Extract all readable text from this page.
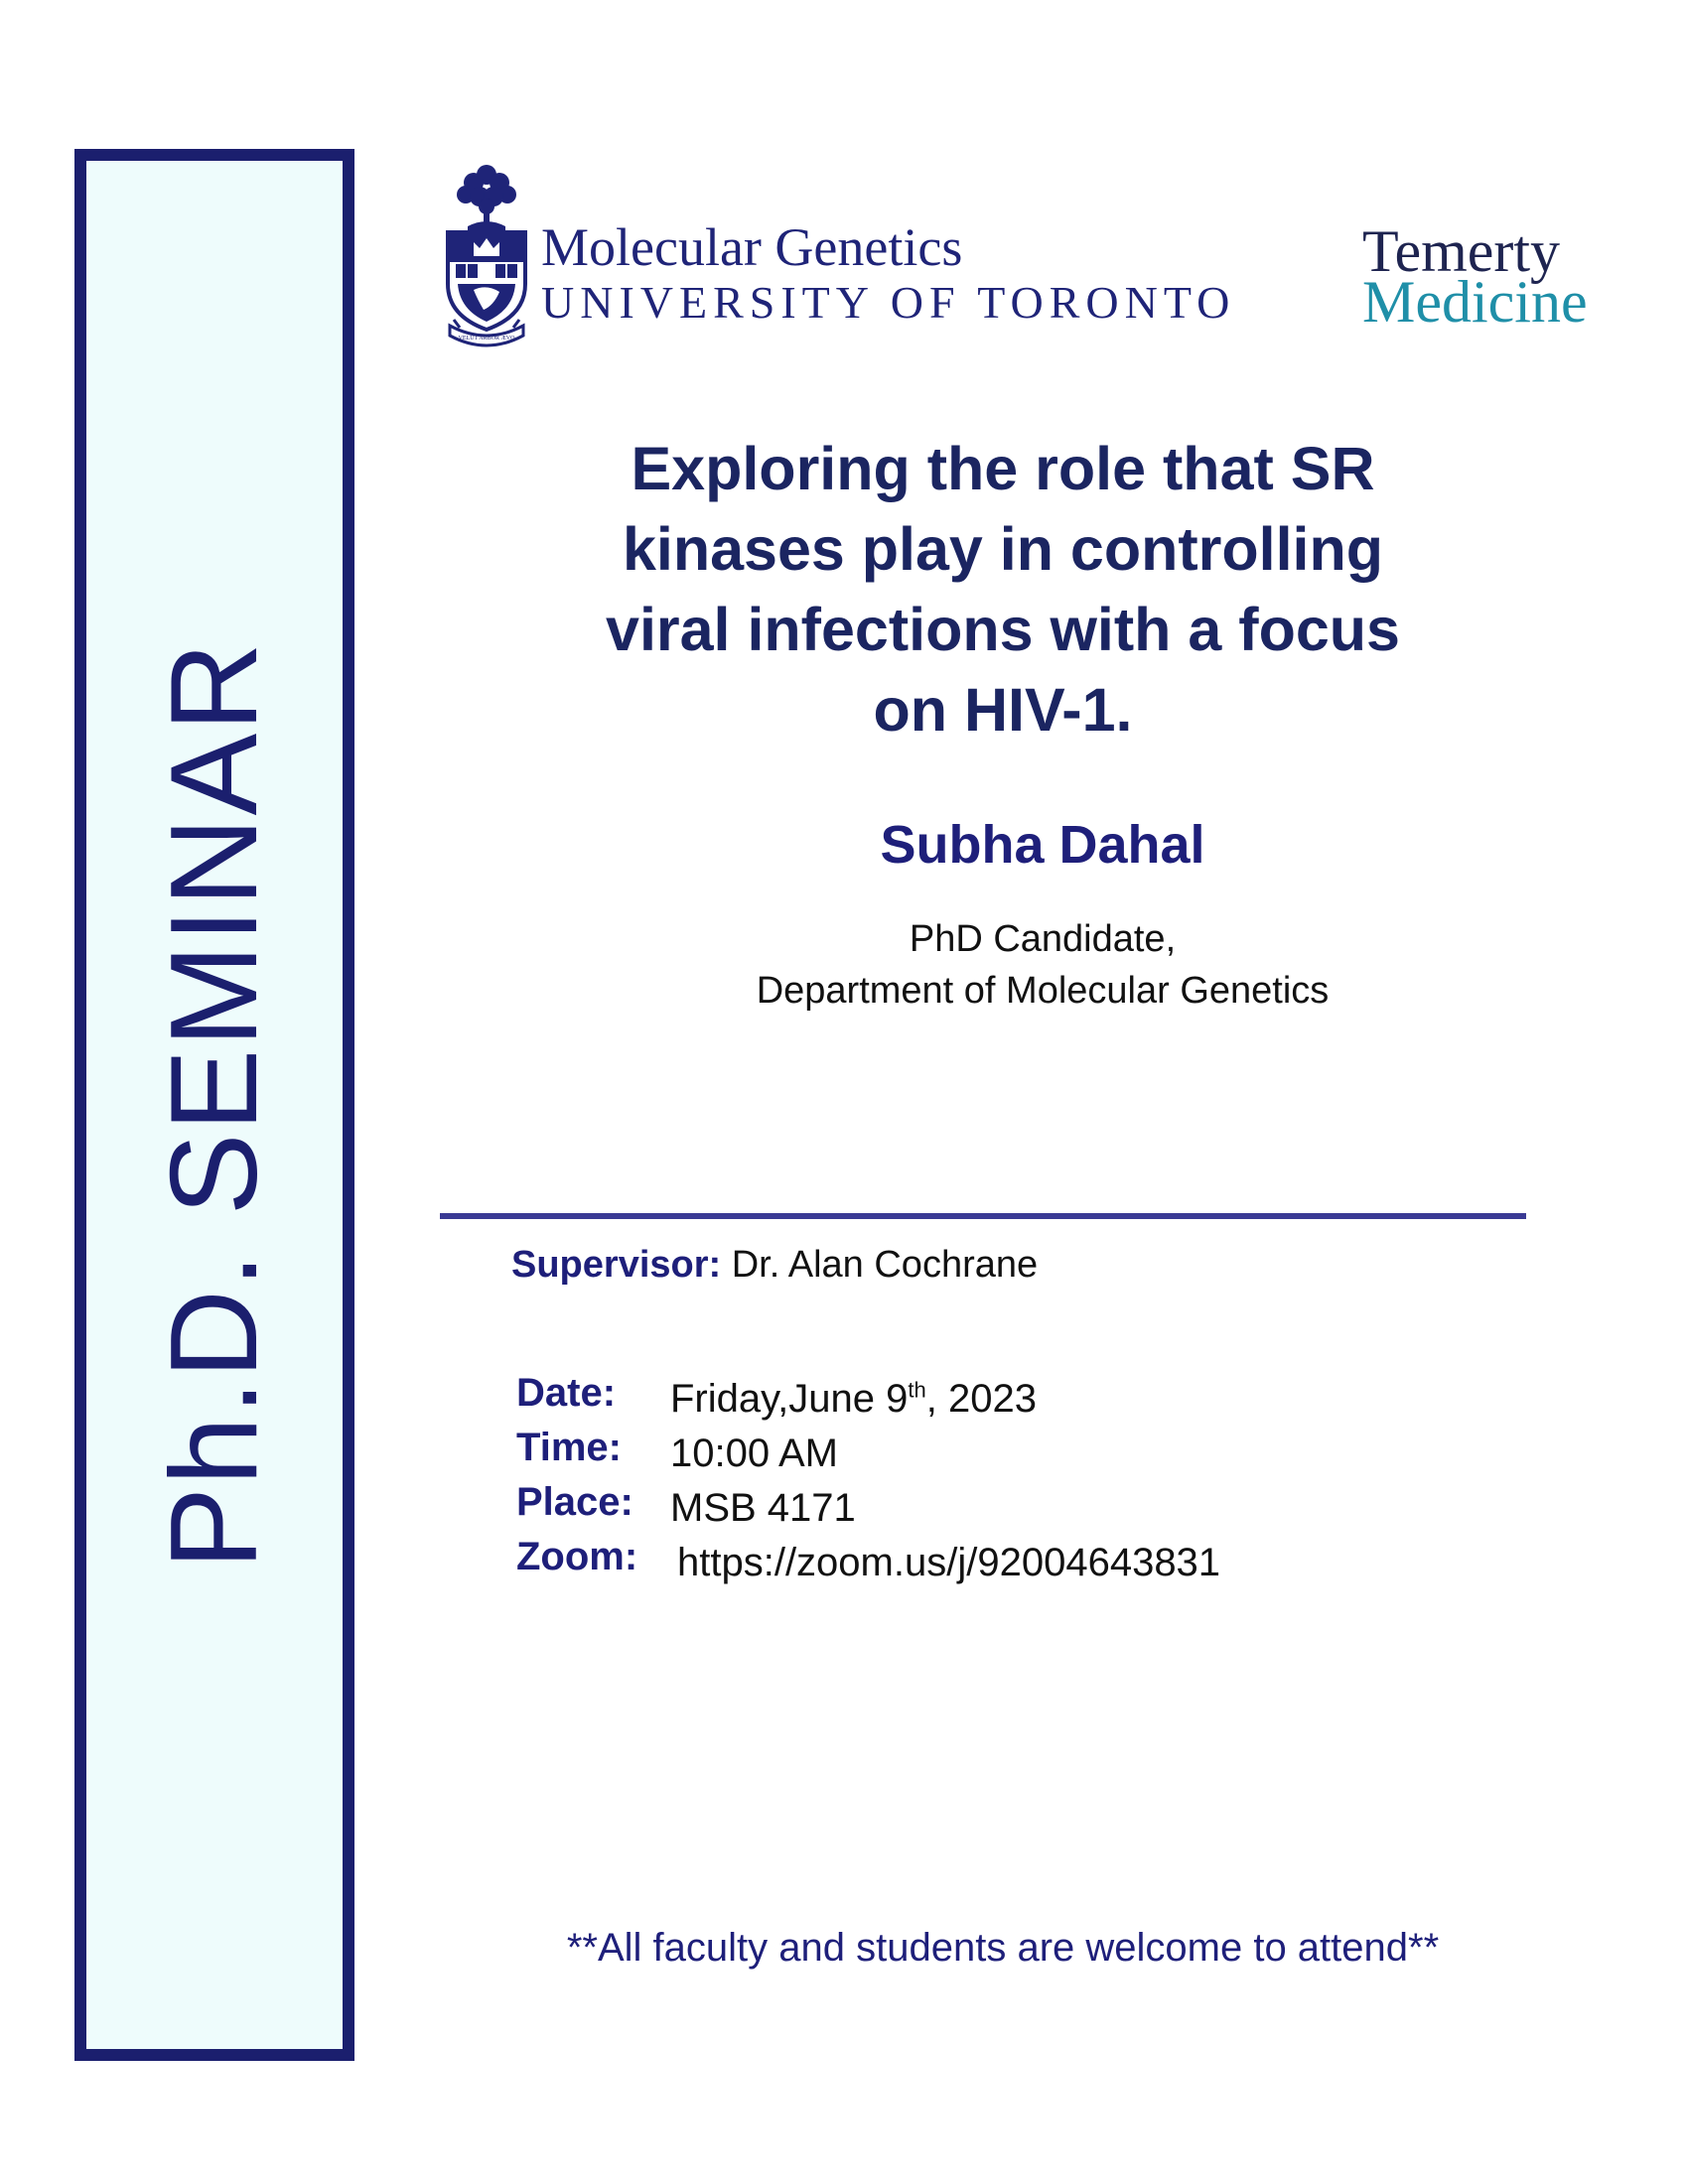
Ph.D. SEMINAR
VELUT ARBOR ÆVO
Molecular Genetics
UNIVERSITY OF TORONTO
Temerty
Medicine
Exploring the role that SR
kinases play in controlling
viral infections with a focus
on HIV-1.
Subha Dahal
PhD Candidate,
Department of Molecular Genetics
Supervisor: Dr. Alan Cochrane
Date: Friday,June 9th, 2023
Time: 10:00 AM
Place: MSB 4171
Zoom: https://zoom.us/j/92004643831
**All faculty and students are welcome to attend**
